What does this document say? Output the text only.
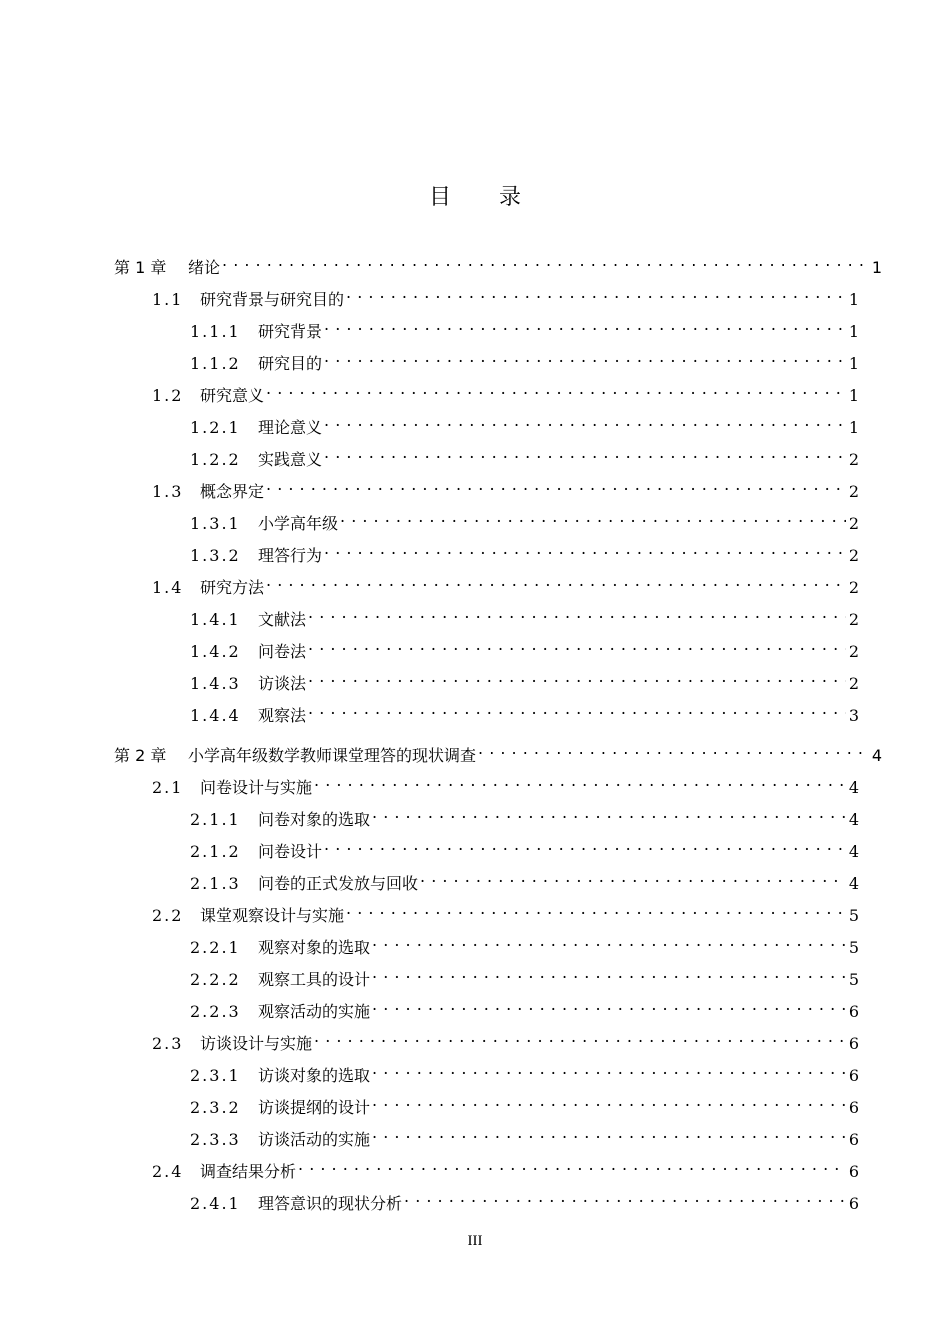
目录
第 1 章	绪论 . . .	1
1.1	研究背景与研究目的 . . .	1
1.1.1	研究背景 . . .	1
1.1.2	研究目的 . . .	1
1.2	研究意义 . . .	1
1.2.1	理论意义 . . .	1
1.2.2	实践意义 . . .	2
1.3	概念界定 . . .	2
1.3.1	小学高年级 . . .	2
1.3.2	理答行为 . . .	2
1.4	研究方法 . . .	2
1.4.1	文献法 . . .	2
1.4.2	问卷法 . . .	2
1.4.3	访谈法 . . .	2
1.4.4	观察法 . . .	3
第 2 章	小学高年级数学教师课堂理答的现状调查 . . .	4
2.1	问卷设计与实施 . . .	4
2.1.1	问卷对象的选取 . . .	4
2.1.2	问卷设计 . . .	4
2.1.3	问卷的正式发放与回收 . . .	4
2.2	课堂观察设计与实施 . . .	5
2.2.1	观察对象的选取 . . .	5
2.2.2	观察工具的设计 . . .	5
2.2.3	观察活动的实施 . . .	6
2.3	访谈设计与实施 . . .	6
2.3.1	访谈对象的选取 . . .	6
2.3.2	访谈提纲的设计 . . .	6
2.3.3	访谈活动的实施 . . .	6
2.4	调查结果分析 . . .	6
2.4.1	理答意识的现状分析 . . .	6
III
